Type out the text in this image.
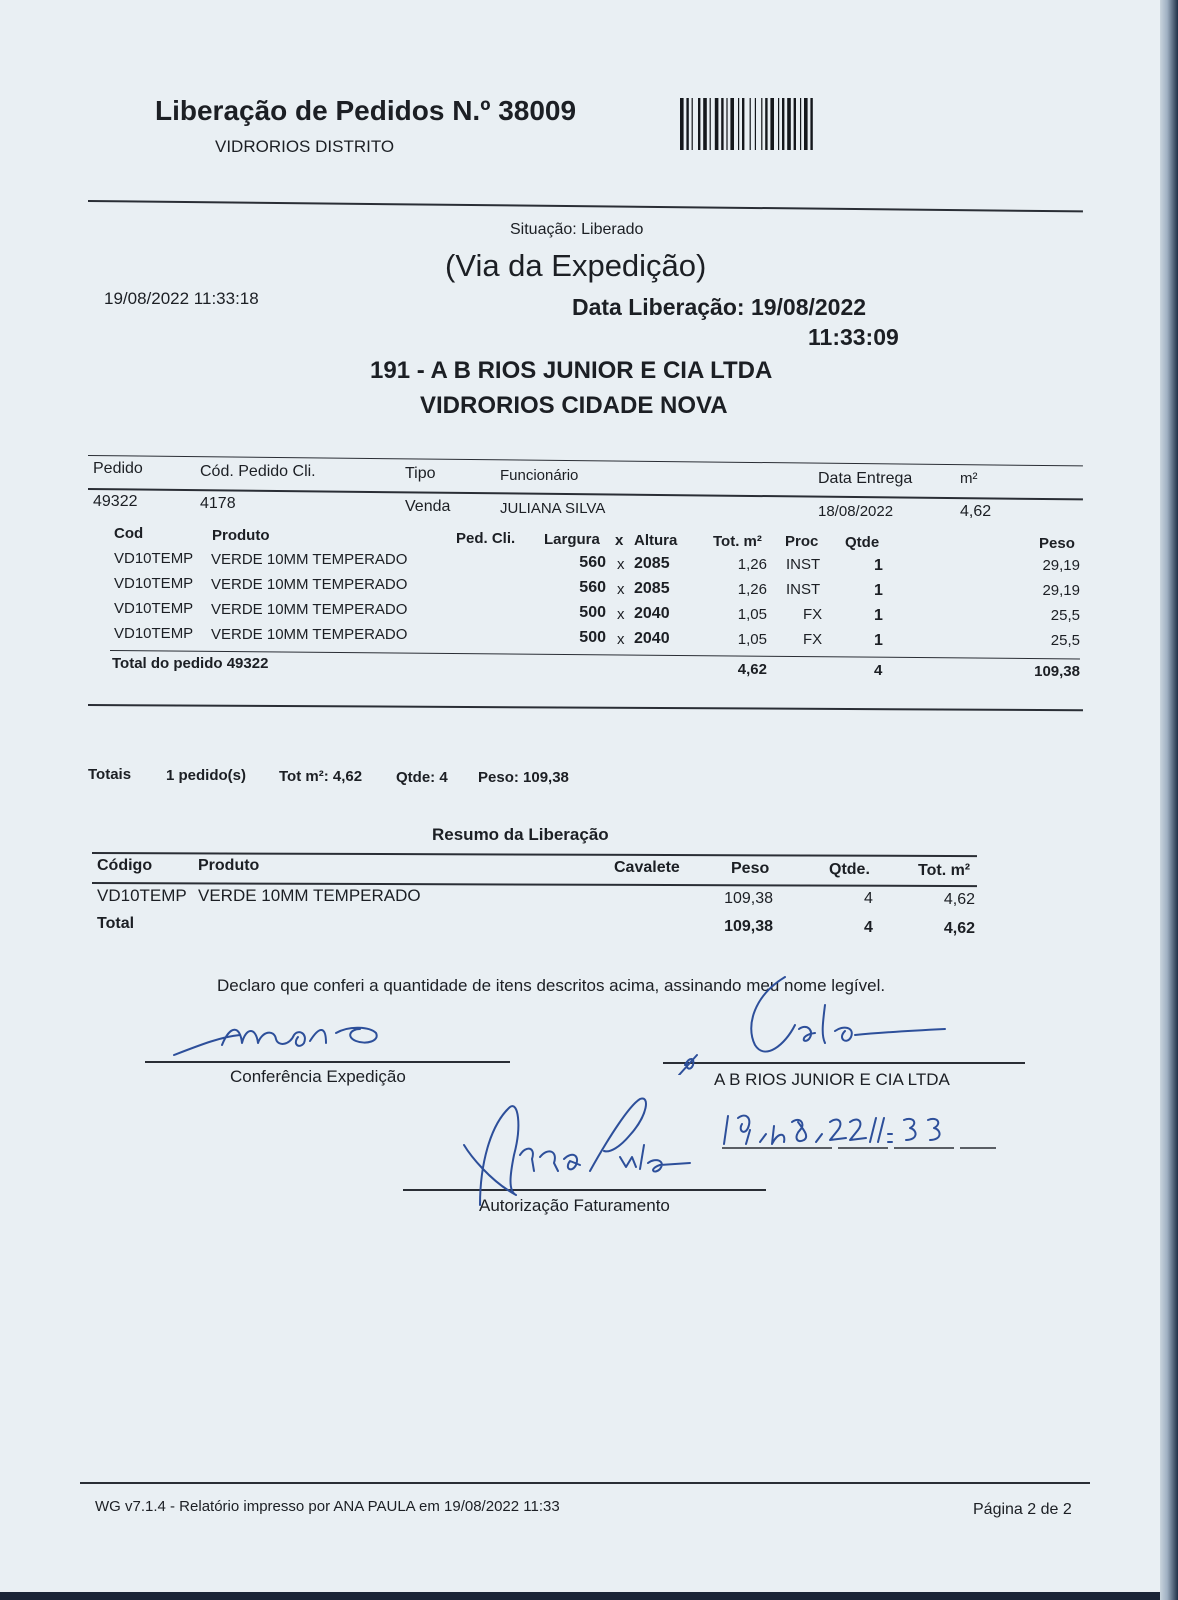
Liberação de Pedidos N.º 38009
VIDRORIOS DISTRITO
Situação: Liberado
(Via da Expedição)
19/08/2022 11:33:18	Data Liberação: 19/08/2022
11:33:09
191 - A B RIOS JUNIOR E CIA LTDA
VIDRORIOS CIDADE NOVA
Pedido	Cód. Pedido Cli.	Tipo	Funcionário	Data Entrega	m²
49322	4178	Venda	JULIANA SILVA	18/08/2022	4,62
Cod	Produto	Ped. Cli. Largura x Altura Tot. m² Proc Qtde	Peso
VD10TEMP VERDE 10MM TEMPERADO	560 x 2085	1,26 INST	1	29,19
VD10TEMP VERDE 10MM TEMPERADO	560 x 2085	1,26 INST	1	29,19
VD10TEMP VERDE 10MM TEMPERADO	500 x 2040	1,05 FX	1	25,5
VD10TEMP VERDE 10MM TEMPERADO	500 x 2040	1,05 FX	1	25,5
Total do pedido 49322	4,62	4	109,38
Totais 1 pedido(s) Tot m²: 4,62 Qtde: 4 Peso: 109,38
Resumo da Liberação
Código	Produto	Cavalete	Peso	Qtde.	Tot. m²
VD10TEMP VERDE 10MM TEMPERADO	109,38	4	4,62
Total	109,38	4	4,62
Declaro que conferi a quantidade de itens descritos acima, assinando meu nome legível.
Conferência Expedição	A B RIOS JUNIOR E CIA LTDA
Autorização Faturamento
WG v7.1.4 - Relatório impresso por ANA PAULA em 19/08/2022 11:33	Página 2 de 2
